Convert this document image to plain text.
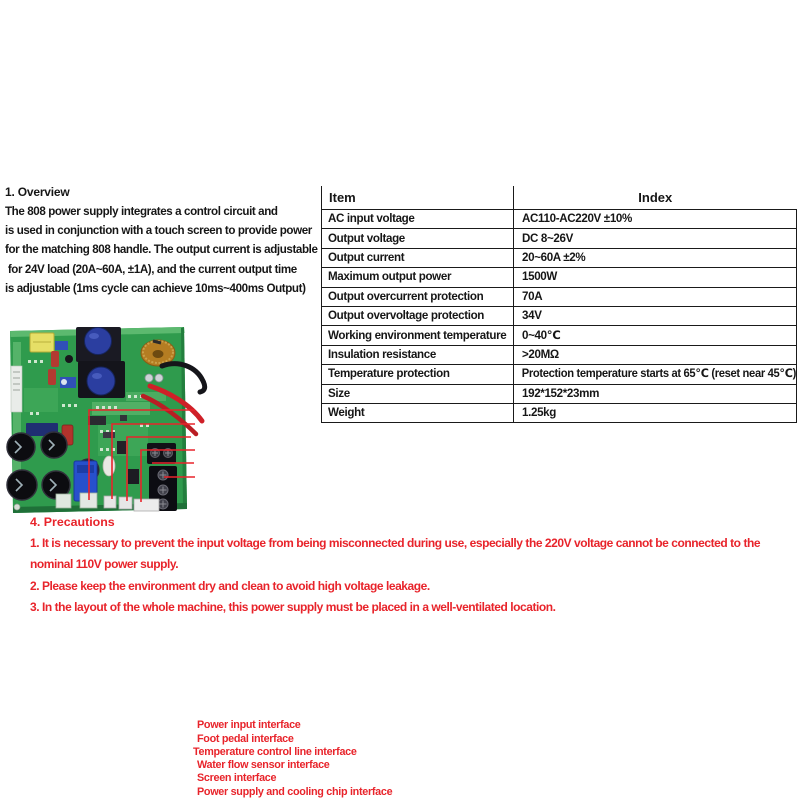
1. Overview
The 808 power supply integrates a control circuit and
is used in conjunction with a touch screen to provide power
for the matching 808 handle. The output current is adjustable
for 24V load (20A~60A, ±1A), and the current output time
is adjustable (1ms cycle can achieve 10ms~400ms Output)
Item	Index

AC input voltage	AC110-AC220V ±10%

Output voltage	DC 8~26V

Output current	20~60A ±2%

Maximum output power	1500W

Output overcurrent protection	70A

Output overvoltage protection	34V

Working environment temperature	0~40℃

Insulation resistance	>20MΩ

Temperature protection	Protection temperature starts at 65℃ (reset near 45℃)

Size	192*152*23mm

Weight	1.25kg
Power input interface
Foot pedal interface
Temperature control line interface
Water flow sensor interface
Screen interface
Power supply and cooling chip interface
4. Precautions
1. It is necessary to prevent the input voltage from being misconnected during use, especially the 220V voltage cannot be connected to the
nominal 110V power supply.
2. Please keep the environment dry and clean to avoid high voltage leakage.
3. In the layout of the whole machine, this power supply must be placed in a well-ventilated location.
